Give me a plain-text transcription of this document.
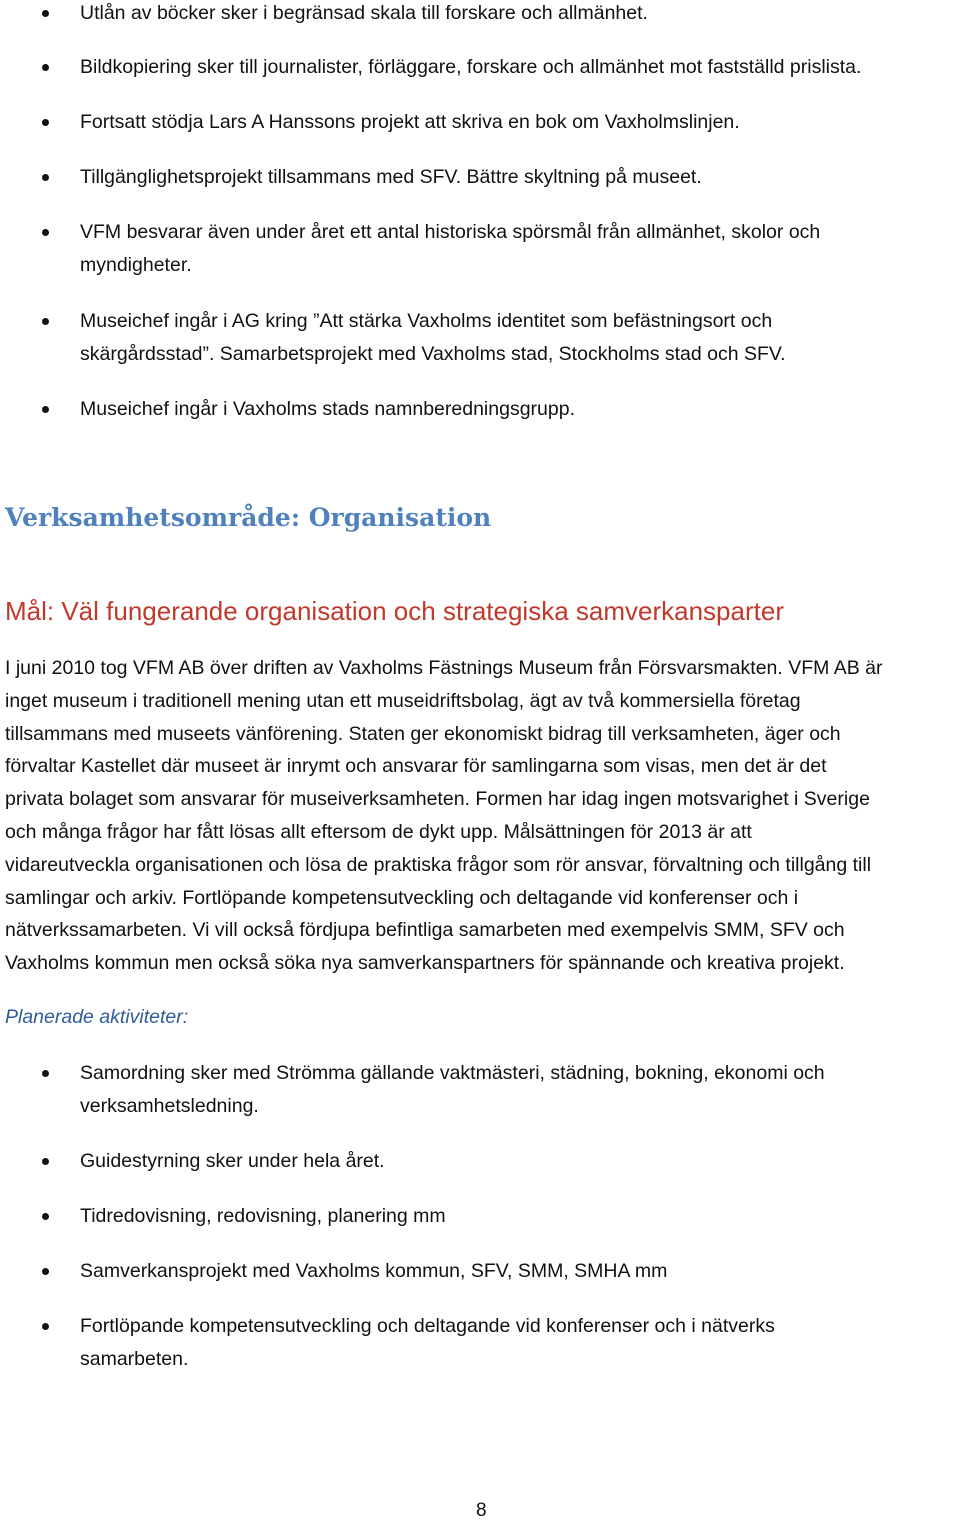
Utlån av böcker sker i begränsad skala till forskare och allmänhet.
Bildkopiering sker till journalister, förläggare, forskare och allmänhet mot fastställd prislista.
Fortsatt stödja Lars A Hanssons projekt att skriva en bok om Vaxholmslinjen.
Tillgänglighetsprojekt tillsammans med SFV. Bättre skyltning på museet.
VFM besvarar även under året ett antal historiska spörsmål från allmänhet, skolor och
myndigheter.
Museichef ingår i AG kring ”Att stärka Vaxholms identitet som befästningsort och
skärgårdsstad”. Samarbetsprojekt med Vaxholms stad, Stockholms stad och SFV.
Museichef ingår i Vaxholms stads namnberedningsgrupp.
Verksamhetsområde: Organisation
Mål: Väl fungerande organisation och strategiska samverkansparter
I juni 2010 tog VFM AB över driften av Vaxholms Fästnings Museum från Försvarsmakten. VFM AB är
inget museum i traditionell mening utan ett museidriftsbolag, ägt av två kommersiella företag
tillsammans med museets vänförening. Staten ger ekonomiskt bidrag till verksamheten, äger och
förvaltar Kastellet där museet är inrymt och ansvarar för samlingarna som visas, men det är det
privata bolaget som ansvarar för museiverksamheten. Formen har idag ingen motsvarighet i Sverige
och många frågor har fått lösas allt eftersom de dykt upp. Målsättningen för 2013 är att
vidareutveckla organisationen och lösa de praktiska frågor som rör ansvar, förvaltning och tillgång till
samlingar och arkiv. Fortlöpande kompetensutveckling och deltagande vid konferenser och i
nätverkssamarbeten. Vi vill också fördjupa befintliga samarbeten med exempelvis SMM, SFV och
Vaxholms kommun men också söka nya samverkanspartners för spännande och kreativa projekt.
Planerade aktiviteter:
Samordning sker med Strömma gällande vaktmästeri, städning, bokning, ekonomi och
verksamhetsledning.
Guidestyrning sker under hela året.
Tidredovisning, redovisning, planering mm
Samverkansprojekt med Vaxholms kommun, SFV, SMM, SMHA mm
Fortlöpande kompetensutveckling och deltagande vid konferenser och i nätverks
samarbeten.
8
